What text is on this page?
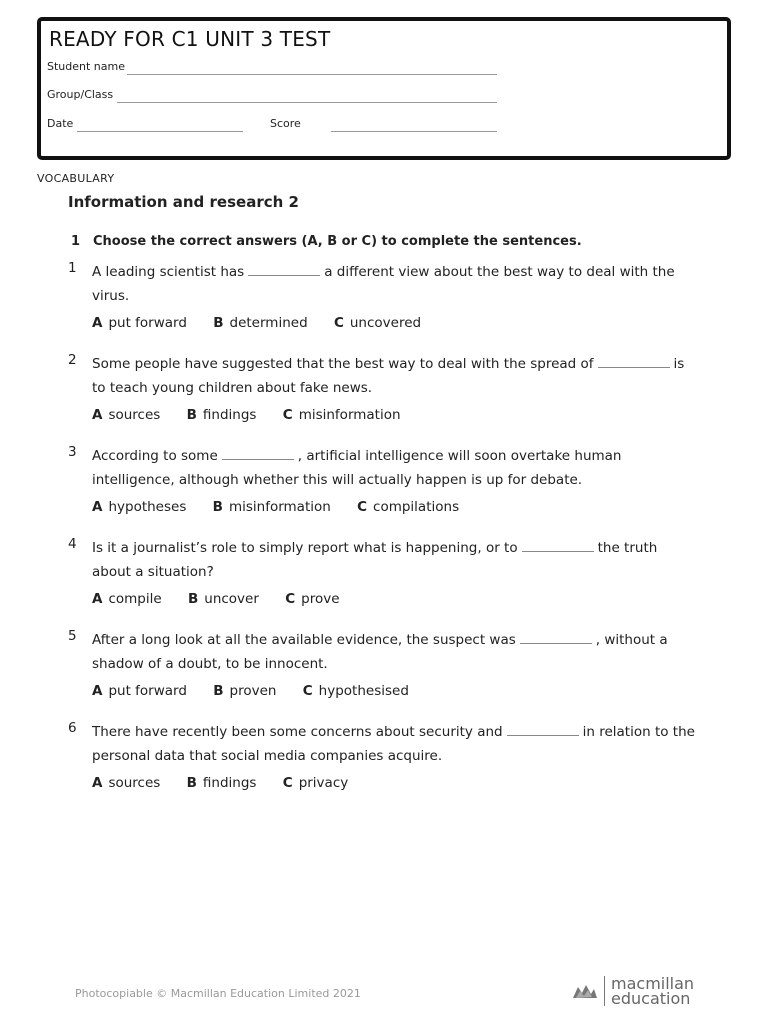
READY FOR C1 UNIT 3 TEST
Student name
Group/Class
Date	Score
VOCABULARY
Information and research 2
1 Choose the correct answers (A, B or C) to complete the sentences.
1 A leading scientist has	a different view about the best way to deal with the virus.
A put forward B determined C uncovered
2 Some people have suggested that the best way to deal with the spread of	is to teach young children about fake news.
A sources B findings C misinformation
3 According to some	, artificial intelligence will soon overtake human intelligence, although whether this will actually happen is up for debate.
A hypotheses B misinformation C compilations
4 Is it a journalist’s role to simply report what is happening, or to	the truth about a situation?
A compile B uncover C prove
5 After a long look at all the available evidence, the suspect was	, without a shadow of a doubt, to be innocent.
A put forward B proven C hypothesised
6 There have recently been some concerns about security and	in relation to the personal data that social media companies acquire.
A sources B findings C privacy
Photocopiable © Macmillan Education Limited 2021
macmillan
education
